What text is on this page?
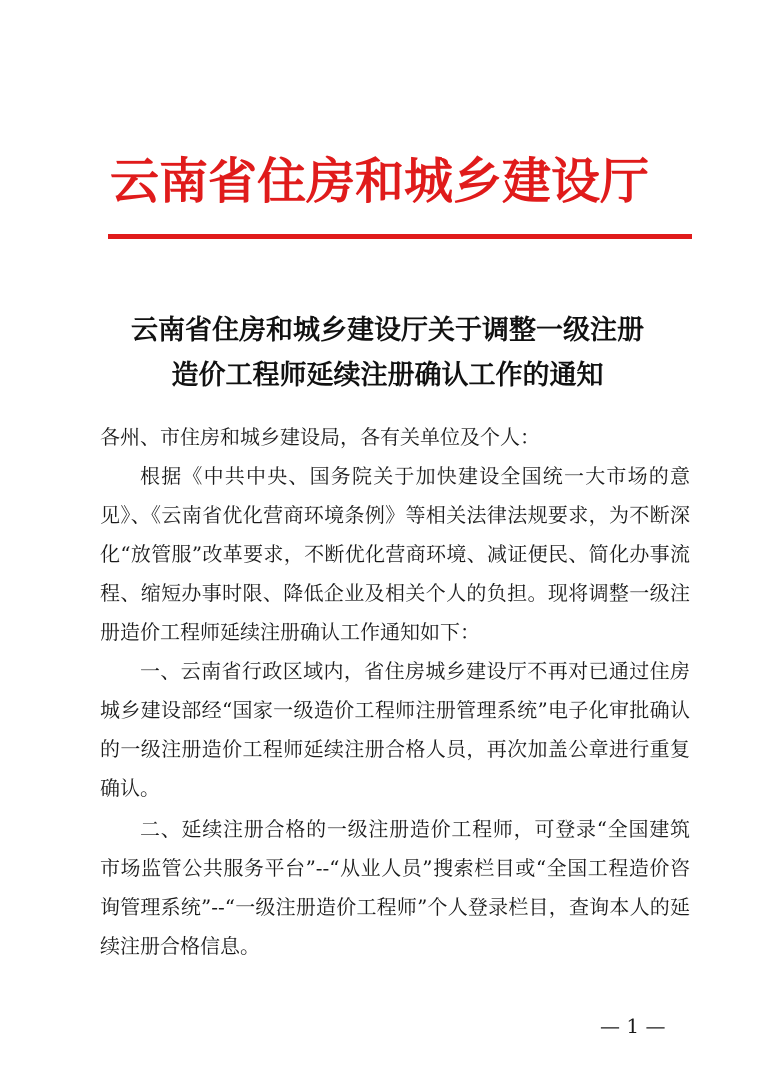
云南省住房和城乡建设厅
云南省住房和城乡建设厅关于调整一级注册
造价工程师延续注册确认工作的通知

各州、市住房和城乡建设局，各有关单位及个人：

根据《中共中央、国务院关于加快建设全国统一大市场的意见》、《云南省优化营商环境条例》等相关法律法规要求，为不断深化“放管服”改革要求，不断优化营商环境、减证便民、简化办事流程、缩短办事时限、降低企业及相关个人的负担。现将调整一级注册造价工程师延续注册确认工作通知如下：

一、云南省行政区域内，省住房城乡建设厅不再对已通过住房城乡建设部经“国家一级造价工程师注册管理系统”电子化审批确认的一级注册造价工程师延续注册合格人员，再次加盖公章进行重复确认。

二、延续注册合格的一级注册造价工程师，可登录“全国建筑市场监管公共服务平台”--“从业人员”搜索栏目或“全国工程造价咨询管理系统”--“一级注册造价工程师”个人登录栏目，查询本人的延续注册合格信息。

— 1 —
